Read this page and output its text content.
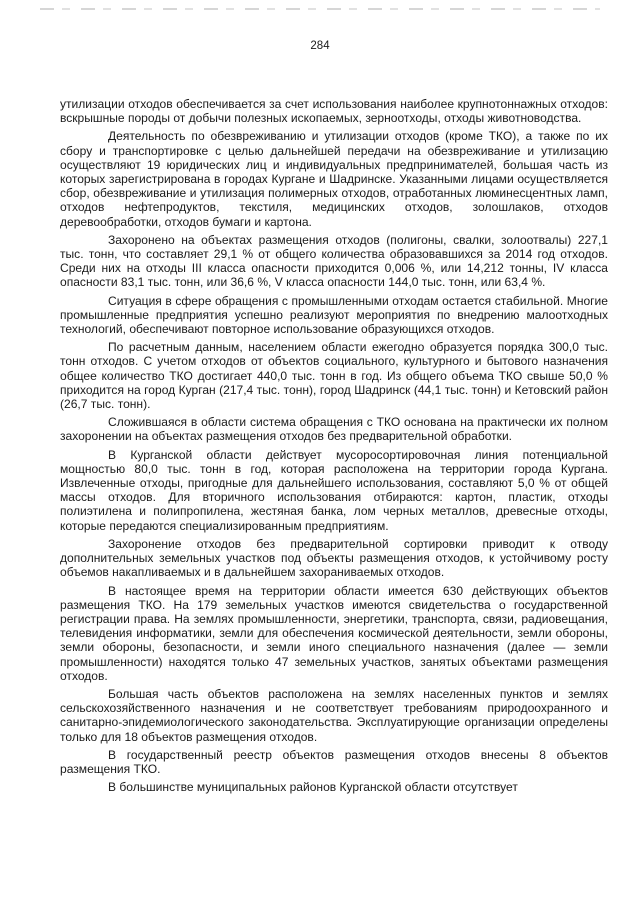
284

утилизации отходов обеспечивается за счет использования наиболее крупнотоннажных отходов: вскрышные породы от добычи полезных ископаемых, зерноотходы, отходы животноводства.

Деятельность по обезвреживанию и утилизации отходов (кроме ТКО), а также по их сбору и транспортировке с целью дальнейшей передачи на обезвреживание и утилизацию осуществляют 19 юридических лиц и индивидуальных предпринимателей, большая часть из которых зарегистрирована в городах Кургане и Шадринске. Указанными лицами осуществляется сбор, обезвреживание и утилизация полимерных отходов, отработанных люминесцентных ламп, отходов нефтепродуктов, текстиля, медицинских отходов, золошлаков, отходов деревообработки, отходов бумаги и картона.

Захоронено на объектах размещения отходов (полигоны, свалки, золоотвалы) 227,1 тыс. тонн, что составляет 29,1 % от общего количества образовавшихся за 2014 год отходов. Среди них на отходы III класса опасности приходится 0,006 %, или 14,212 тонны, IV класса опасности 83,1 тыс. тонн, или 36,6 %, V класса опасности 144,0 тыс. тонн, или 63,4 %.

Ситуация в сфере обращения с промышленными отходам остается стабильной. Многие промышленные предприятия успешно реализуют мероприятия по внедрению малоотходных технологий, обеспечивают повторное использование образующихся отходов.

По расчетным данным, населением области ежегодно образуется порядка 300,0 тыс. тонн отходов. С учетом отходов от объектов социального, культурного и бытового назначения общее количество ТКО достигает 440,0 тыс. тонн в год. Из общего объема ТКО свыше 50,0 % приходится на город Курган (217,4 тыс. тонн), город Шадринск (44,1 тыс. тонн) и Кетовский район (26,7 тыс. тонн).

Сложившаяся в области система обращения с ТКО основана на практически их полном захоронении на объектах размещения отходов без предварительной обработки.

В Курганской области действует мусоросортировочная линия потенциальной мощностью 80,0 тыс. тонн в год, которая расположена на территории города Кургана. Извлеченные отходы, пригодные для дальнейшего использования, составляют 5,0 % от общей массы отходов. Для вторичного использования отбираются: картон, пластик, отходы полиэтилена и полипропилена, жестяная банка, лом черных металлов, древесные отходы, которые передаются специализированным предприятиям.

Захоронение отходов без предварительной сортировки приводит к отводу дополнительных земельных участков под объекты размещения отходов, к устойчивому росту объемов накапливаемых и в дальнейшем захораниваемых отходов.

В настоящее время на территории области имеется 630 действующих объектов размещения ТКО. На 179 земельных участков имеются свидетельства о государственной регистрации права. На землях промышленности, энергетики, транспорта, связи, радиовещания, телевидения информатики, земли для обеспечения космической деятельности, земли обороны, земли обороны, безопасности, и земли иного специального назначения (далее — земли промышленности) находятся только 47 земельных участков, занятых объектами размещения отходов.

Большая часть объектов расположена на землях населенных пунктов и землях сельскохозяйственного назначения и не соответствует требованиям природоохранного и санитарно-эпидемиологического законодательства. Эксплуатирующие организации определены только для 18 объектов размещения отходов.

В государственный реестр объектов размещения отходов внесены 8 объектов размещения ТКО.

В большинстве муниципальных районов Курганской области отсутствует
